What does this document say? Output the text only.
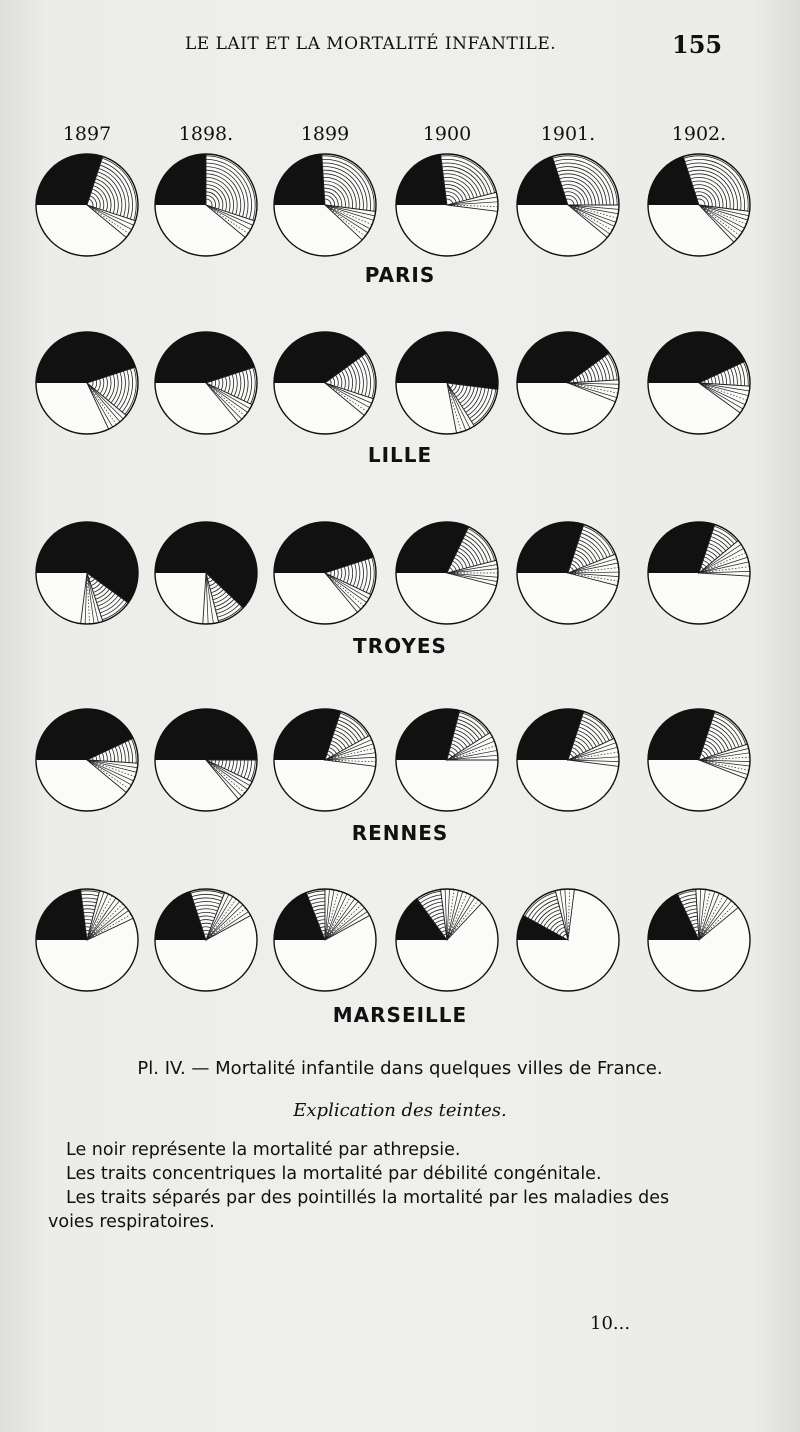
LE LAIT ET LA MORTALITÉ INFANTILE.	155
1897	1898.	1899	1900	1901.	1902.
PARIS
LILLE
TROYES
RENNES
MARSEILLE
Pl. IV. — Mortalité infantile dans quelques villes de France.
Explication des teintes.

Le noir représente la mortalité par athrepsie.

Les traits concentriques la mortalité par débilité congénitale.

Les traits séparés par des pointillés la mortalité par les maladies des

voies respiratoires.

10...
